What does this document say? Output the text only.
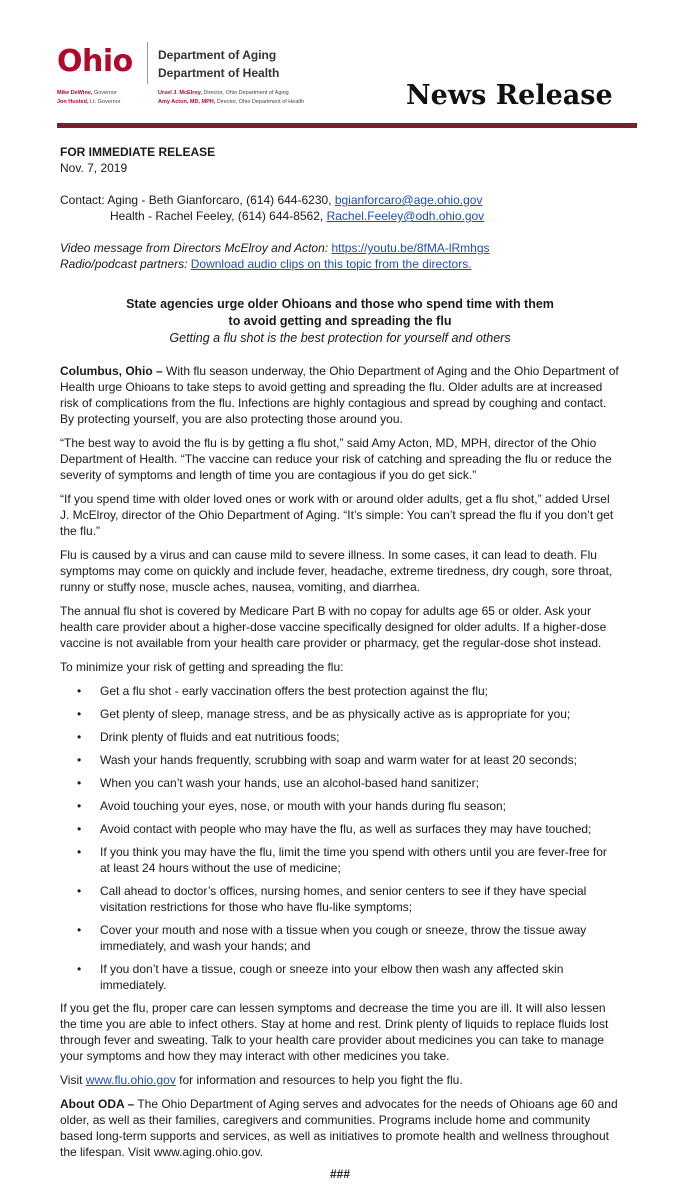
Ohio Department of Aging
Department of Health
Mike DeWine, Governor
Jon Husted, Lt. Governor
Ursel J. McElroy, Director, Ohio Department of Aging
Amy Acton, MD, MPH, Director, Ohio Department of Health	News Release

FOR IMMEDIATE RELEASE

Nov. 7, 2019

Contact: Aging - Beth Gianforcaro, (614) 644-6230, bgianforcaro@age.ohio.gov

Health - Rachel Feeley, (614) 644-8562, Rachel.Feeley@odh.ohio.gov

Video message from Directors McElroy and Acton: https://youtu.be/8fMA-lRmhgs

Radio/podcast partners: Download audio clips on this topic from the directors.

State agencies urge older Ohioans and those who spend time with them
to avoid getting and spreading the flu

Getting a flu shot is the best protection for yourself and others

Columbus, Ohio – With flu season underway, the Ohio Department of Aging and the Ohio Department of Health urge Ohioans to take steps to avoid getting and spreading the flu. Older adults are at increased risk of complications from the flu. Infections are highly contagious and spread by coughing and contact. By protecting yourself, you are also protecting those around you.

“The best way to avoid the flu is by getting a flu shot,” said Amy Acton, MD, MPH, director of the Ohio Department of Health. “The vaccine can reduce your risk of catching and spreading the flu or reduce the severity of symptoms and length of time you are contagious if you do get sick.”

“If you spend time with older loved ones or work with or around older adults, get a flu shot,” added Ursel J. McElroy, director of the Ohio Department of Aging. “It’s simple: You can’t spread the flu if you don’t get the flu.”

Flu is caused by a virus and can cause mild to severe illness. In some cases, it can lead to death. Flu symptoms may come on quickly and include fever, headache, extreme tiredness, dry cough, sore throat, runny or stuffy nose, muscle aches, nausea, vomiting, and diarrhea.

The annual flu shot is covered by Medicare Part B with no copay for adults age 65 or older. Ask your health care provider about a higher-dose vaccine specifically designed for older adults. If a higher-dose vaccine is not available from your health care provider or pharmacy, get the regular-dose shot instead.

To minimize your risk of getting and spreading the flu:

• Get a flu shot - early vaccination offers the best protection against the flu;
• Get plenty of sleep, manage stress, and be as physically active as is appropriate for you;
• Drink plenty of fluids and eat nutritious foods;
• Wash your hands frequently, scrubbing with soap and warm water for at least 20 seconds;
• When you can’t wash your hands, use an alcohol-based hand sanitizer;
• Avoid touching your eyes, nose, or mouth with your hands during flu season;
• Avoid contact with people who may have the flu, as well as surfaces they may have touched;
• If you think you may have the flu, limit the time you spend with others until you are fever-free for at least 24 hours without the use of medicine;
• Call ahead to doctor’s offices, nursing homes, and senior centers to see if they have special visitation restrictions for those who have flu-like symptoms;
• Cover your mouth and nose with a tissue when you cough or sneeze, throw the tissue away immediately, and wash your hands; and
• If you don’t have a tissue, cough or sneeze into your elbow then wash any affected skin immediately.

If you get the flu, proper care can lessen symptoms and decrease the time you are ill. It will also lessen the time you are able to infect others. Stay at home and rest. Drink plenty of liquids to replace fluids lost through fever and sweating. Talk to your health care provider about medicines you can take to manage your symptoms and how they may interact with other medicines you take.

Visit www.flu.ohio.gov for information and resources to help you fight the flu.

About ODA – The Ohio Department of Aging serves and advocates for the needs of Ohioans age 60 and older, as well as their families, caregivers and communities. Programs include home and community based long-term supports and services, as well as initiatives to promote health and wellness throughout the lifespan. Visit www.aging.ohio.gov.

###
